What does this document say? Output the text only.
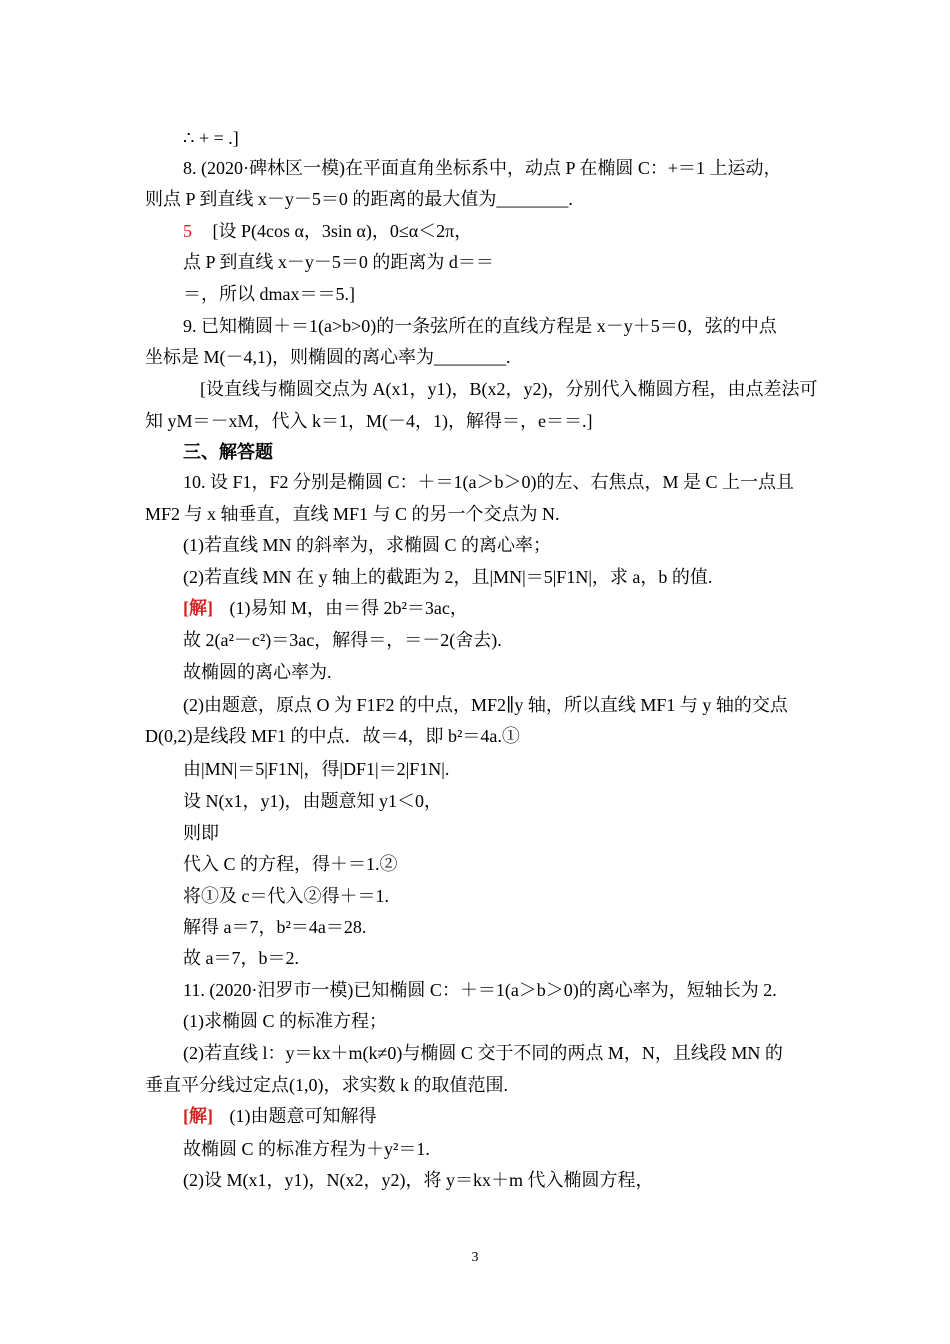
∴ + = .]
8. (2020·碑林区一模)在平面直角坐标系中，动点 P 在椭圆 C：+＝1 上运动，
则点 P 到直线 x－y－5＝0 的距离的最大值为________.
5 [设 P(4cos α，3sin α)，0≤α＜2π，
点 P 到直线 x－y－5＝0 的距离为 d＝＝
＝，所以 dmax＝＝5.]
9. 已知椭圆＋＝1(a>b>0)的一条弦所在的直线方程是 x－y＋5＝0，弦的中点
坐标是 M(－4,1)，则椭圆的离心率为________.
[设直线与椭圆交点为 A(x1，y1)，B(x2，y2)，分别代入椭圆方程，由点差法可
知 yM＝－xM，代入 k＝1，M(－4，1)，解得＝，e＝＝.]
三、解答题
10. 设 F1，F2 分别是椭圆 C：＋＝1(a＞b＞0)的左、右焦点，M 是 C 上一点且
MF2 与 x 轴垂直，直线 MF1 与 C 的另一个交点为 N.
(1)若直线 MN 的斜率为，求椭圆 C 的离心率；
(2)若直线 MN 在 y 轴上的截距为 2，且|MN|＝5|F1N|，求 a，b 的值.
[解] (1)易知 M，由＝得 2b²＝3ac，
故 2(a²－c²)＝3ac，解得＝，＝－2(舍去).
故椭圆的离心率为.
(2)由题意，原点 O 为 F1F2 的中点，MF2∥y 轴，所以直线 MF1 与 y 轴的交点
D(0,2)是线段 MF1 的中点．故＝4，即 b²＝4a.①
由|MN|＝5|F1N|，得|DF1|＝2|F1N|.
设 N(x1，y1)，由题意知 y1＜0，
则即
代入 C 的方程，得＋＝1.②
将①及 c＝代入②得＋＝1.
解得 a＝7，b²＝4a＝28.
故 a＝7，b＝2.
11. (2020·汨罗市一模)已知椭圆 C：＋＝1(a＞b＞0)的离心率为，短轴长为 2.
(1)求椭圆 C 的标准方程；
(2)若直线 l：y＝kx＋m(k≠0)与椭圆 C 交于不同的两点 M，N，且线段 MN 的
垂直平分线过定点(1,0)，求实数 k 的取值范围.
[解] (1)由题意可知解得
故椭圆 C 的标准方程为＋y²＝1.
(2)设 M(x1，y1)，N(x2，y2)，将 y＝kx＋m 代入椭圆方程，
3
